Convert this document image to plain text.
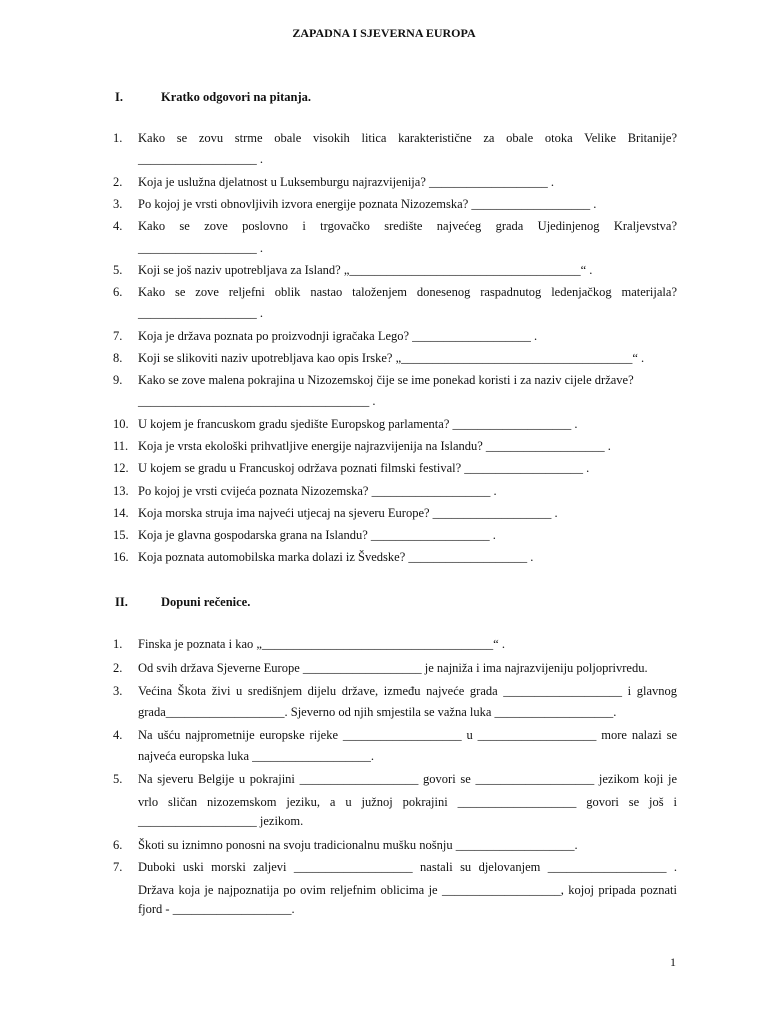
ZAPADNA I SJEVERNA EUROPA
I.	Kratko odgovori na pitanja.
1.	Kako se zovu strme obale visokih litica karakteristične za obale otoka Velike Britanije?
___________________ .
2.	Koja je uslužna djelatnost u Luksemburgu najrazvijenija? ___________________ .
3.	Po kojoj je vrsti obnovljivih izvora energije poznata Nizozemska? ___________________ .
4.	Kako se zove poslovno i trgovačko središte najvećeg grada Ujedinjenog Kraljevstva?
___________________ .
5.	Koji se još naziv upotrebljava za Island? „_____________________________________“ .
6.	Kako se zove reljefni oblik nastao taloženjem donesenog raspadnutog ledenjačkog materijala?
___________________ .
7.	Koja je država poznata po proizvodnji igračaka Lego? ___________________ .
8.	Koji se slikoviti naziv upotrebljava kao opis Irske? „_____________________________________“ .
9.	Kako se zove malena pokrajina u Nizozemskoj čije se ime ponekad koristi i za naziv cijele države?
_____________________________________ .
10. U kojem je francuskom gradu sjedište Europskog parlamenta? ___________________ .
11. Koja je vrsta ekološki prihvatljive energije najrazvijenija na Islandu? ___________________ .
12. U kojem se gradu u Francuskoj održava poznati filmski festival? ___________________ .
13. Po kojoj je vrsti cvijeća poznata Nizozemska? ___________________ .
14. Koja morska struja ima najveći utjecaj na sjeveru Europe? ___________________ .
15. Koja je glavna gospodarska grana na Islandu? ___________________ .
16. Koja poznata automobilska marka dolazi iz Švedske? ___________________ .
II.	Dopuni rečenice.
1.	Finska je poznata i kao „_____________________________________“ .
2.	Od svih država Sjeverne Europe ___________________ je najniža i ima najrazvijeniju poljoprivredu.
3.	Većina Škota živi u središnjem dijelu države, između najveće grada ___________________ i glavnog
grada___________________. Sjeverno od njih smjestila se važna luka ___________________.
4.	Na ušću najprometnije europske rijeke ___________________ u ___________________ more nalazi se
najveća europska luka ___________________.
5.	Na sjeveru Belgije u pokrajini ___________________ govori se ___________________ jezikom koji je
vrlo sličan nizozemskom jeziku, a u južnoj pokrajini ___________________ govori se još i
___________________ jezikom.
6.	Škoti su iznimno ponosni na svoju tradicionalnu mušku nošnju ___________________.
7.	Duboki uski morski zaljevi ___________________ nastali su djelovanjem ___________________ .
Država koja je najpoznatija po ovim reljefnim oblicima je ___________________, kojoj pripada poznati
fjord - ___________________.
1
